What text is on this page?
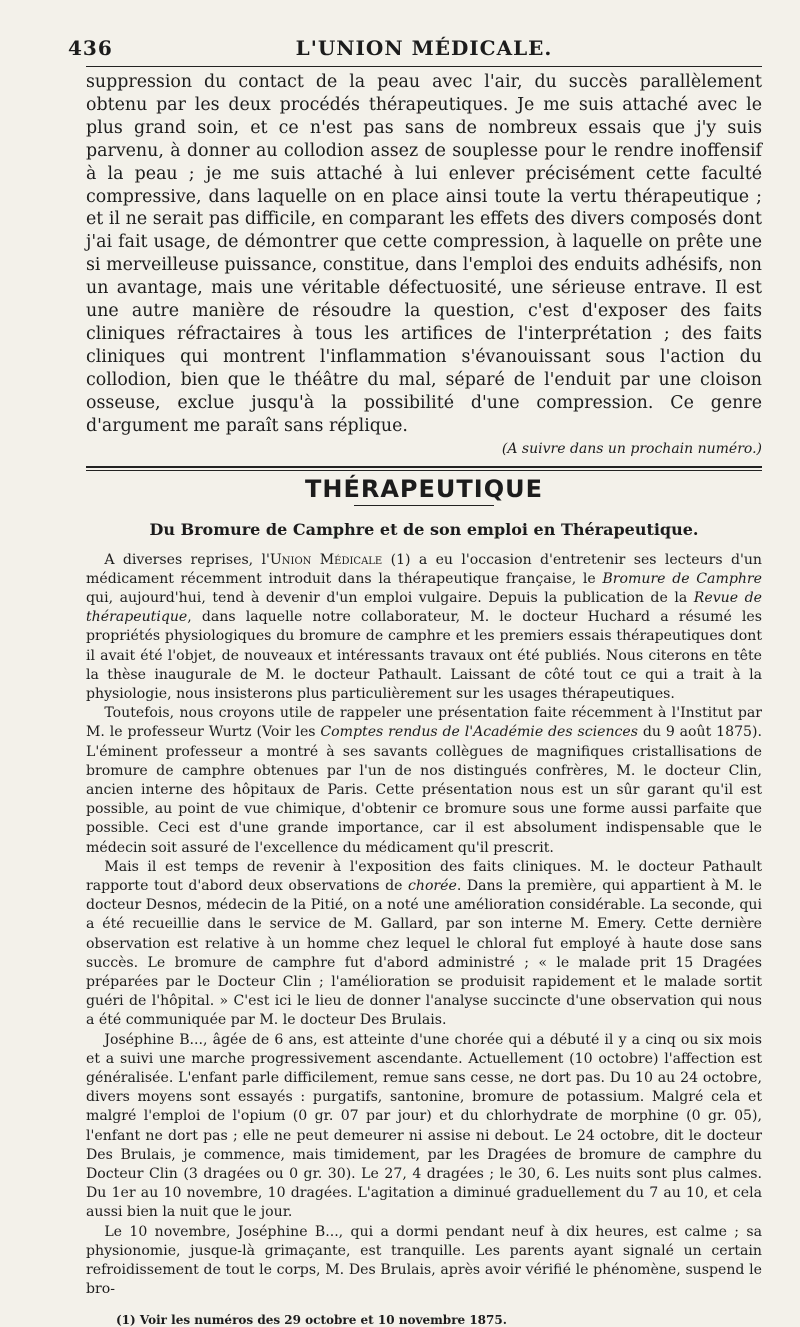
436	L'UNION MÉDICALE.

suppression du contact de la peau avec l'air, du succès parallèlement obtenu par les deux procédés thérapeutiques. Je me suis attaché avec le plus grand soin, et ce n'est pas sans de nombreux essais que j'y suis parvenu, à donner au collodion assez de souplesse pour le rendre inoffensif à la peau ; je me suis attaché à lui enlever précisément cette faculté compressive, dans laquelle on en place ainsi toute la vertu thérapeutique ; et il ne serait pas difficile, en comparant les effets des divers composés dont j'ai fait usage, de démontrer que cette compression, à laquelle on prête une si merveilleuse puissance, constitue, dans l'emploi des enduits adhésifs, non un avantage, mais une véritable défectuosité, une sérieuse entrave. Il est une autre manière de résoudre la question, c'est d'exposer des faits cliniques réfractaires à tous les artifices de l'interprétation ; des faits cliniques qui montrent l'inflammation s'évanouissant sous l'action du collodion, bien que le théâtre du mal, séparé de l'enduit par une cloison osseuse, exclue jusqu'à la possibilité d'une compression. Ce genre d'argument me paraît sans réplique.

(A suivre dans un prochain numéro.)

THÉRAPEUTIQUE
Du Bromure de Camphre et de son emploi en Thérapeutique.

A diverses reprises, l'Union Médicale (1) a eu l'occasion d'entretenir ses lecteurs d'un médicament récemment introduit dans la thérapeutique française, le Bromure de Camphre qui, aujourd'hui, tend à devenir d'un emploi vulgaire. Depuis la publication de la Revue de thérapeutique, dans laquelle notre collaborateur, M. le docteur Huchard a résumé les propriétés physiologiques du bromure de camphre et les premiers essais thérapeutiques dont il avait été l'objet, de nouveaux et intéressants travaux ont été publiés. Nous citerons en tête la thèse inaugurale de M. le docteur Pathault. Laissant de côté tout ce qui a trait à la physiologie, nous insisterons plus particulièrement sur les usages thérapeutiques.

Toutefois, nous croyons utile de rappeler une présentation faite récemment à l'Institut par M. le professeur Wurtz (Voir les Comptes rendus de l'Académie des sciences du 9 août 1875). L'éminent professeur a montré à ses savants collègues de magnifiques cristallisations de bromure de camphre obtenues par l'un de nos distingués confrères, M. le docteur Clin, ancien interne des hôpitaux de Paris. Cette présentation nous est un sûr garant qu'il est possible, au point de vue chimique, d'obtenir ce bromure sous une forme aussi parfaite que possible. Ceci est d'une grande importance, car il est absolument indispensable que le médecin soit assuré de l'excellence du médicament qu'il prescrit.

Mais il est temps de revenir à l'exposition des faits cliniques. M. le docteur Pathault rapporte tout d'abord deux observations de chorée. Dans la première, qui appartient à M. le docteur Desnos, médecin de la Pitié, on a noté une amélioration considérable. La seconde, qui a été recueillie dans le service de M. Gallard, par son interne M. Emery. Cette dernière observation est relative à un homme chez lequel le chloral fut employé à haute dose sans succès. Le bromure de camphre fut d'abord administré ; « le malade prit 15 Dragées préparées par le Docteur Clin ; l'amélioration se produisit rapidement et le malade sortit guéri de l'hôpital. » C'est ici le lieu de donner l'analyse succincte d'une observation qui nous a été communiquée par M. le docteur Des Brulais.

Joséphine B..., âgée de 6 ans, est atteinte d'une chorée qui a débuté il y a cinq ou six mois et a suivi une marche progressivement ascendante. Actuellement (10 octobre) l'affection est généralisée. L'enfant parle difficilement, remue sans cesse, ne dort pas. Du 10 au 24 octobre, divers moyens sont essayés : purgatifs, santonine, bromure de potassium. Malgré cela et malgré l'emploi de l'opium (0 gr. 07 par jour) et du chlorhydrate de morphine (0 gr. 05), l'enfant ne dort pas ; elle ne peut demeurer ni assise ni debout. Le 24 octobre, dit le docteur Des Brulais, je commence, mais timidement, par les Dragées de bromure de camphre du Docteur Clin (3 dragées ou 0 gr. 30). Le 27, 4 dragées ; le 30, 6. Les nuits sont plus calmes. Du 1er au 10 novembre, 10 dragées. L'agitation a diminué graduellement du 7 au 10, et cela aussi bien la nuit que le jour.

Le 10 novembre, Joséphine B..., qui a dormi pendant neuf à dix heures, est calme ; sa physionomie, jusque-là grimaçante, est tranquille. Les parents ayant signalé un certain refroidissement de tout le corps, M. Des Brulais, après avoir vérifié le phénomène, suspend le bro-

(1) Voir les numéros des 29 octobre et 10 novembre 1875.
